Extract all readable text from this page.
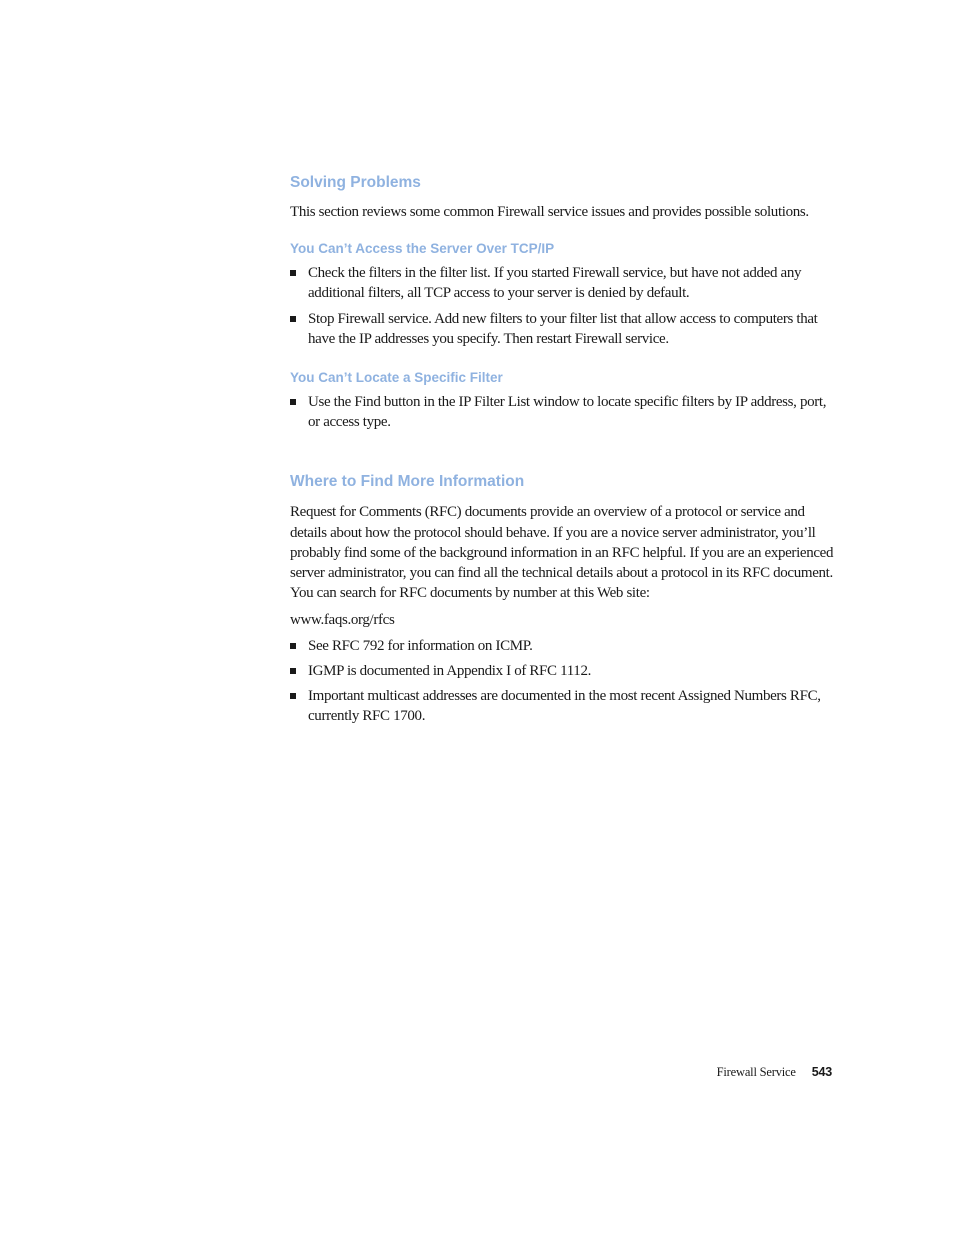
Solving Problems

This section reviews some common Firewall service issues and provides possible solutions.

You Can’t Access the Server Over TCP/IP
Check the filters in the filter list. If you started Firewall service, but have not added any additional filters, all TCP access to your server is denied by default.
Stop Firewall service. Add new filters to your filter list that allow access to computers that have the IP addresses you specify. Then restart Firewall service.
You Can’t Locate a Specific Filter
Use the Find button in the IP Filter List window to locate specific filters by IP address, port, or access type.
Where to Find More Information

Request for Comments (RFC) documents provide an overview of a protocol or service and details about how the protocol should behave. If you are a novice server administrator, you’ll probably find some of the background information in an RFC helpful. If you are an experienced server administrator, you can find all the technical details about a protocol in its RFC document. You can search for RFC documents by number at this Web site:

www.faqs.org/rfcs

See RFC 792 for information on ICMP.
IGMP is documented in Appendix I of RFC 1112.
Important multicast addresses are documented in the most recent Assigned Numbers RFC, currently RFC 1700.
Firewall Service 543
